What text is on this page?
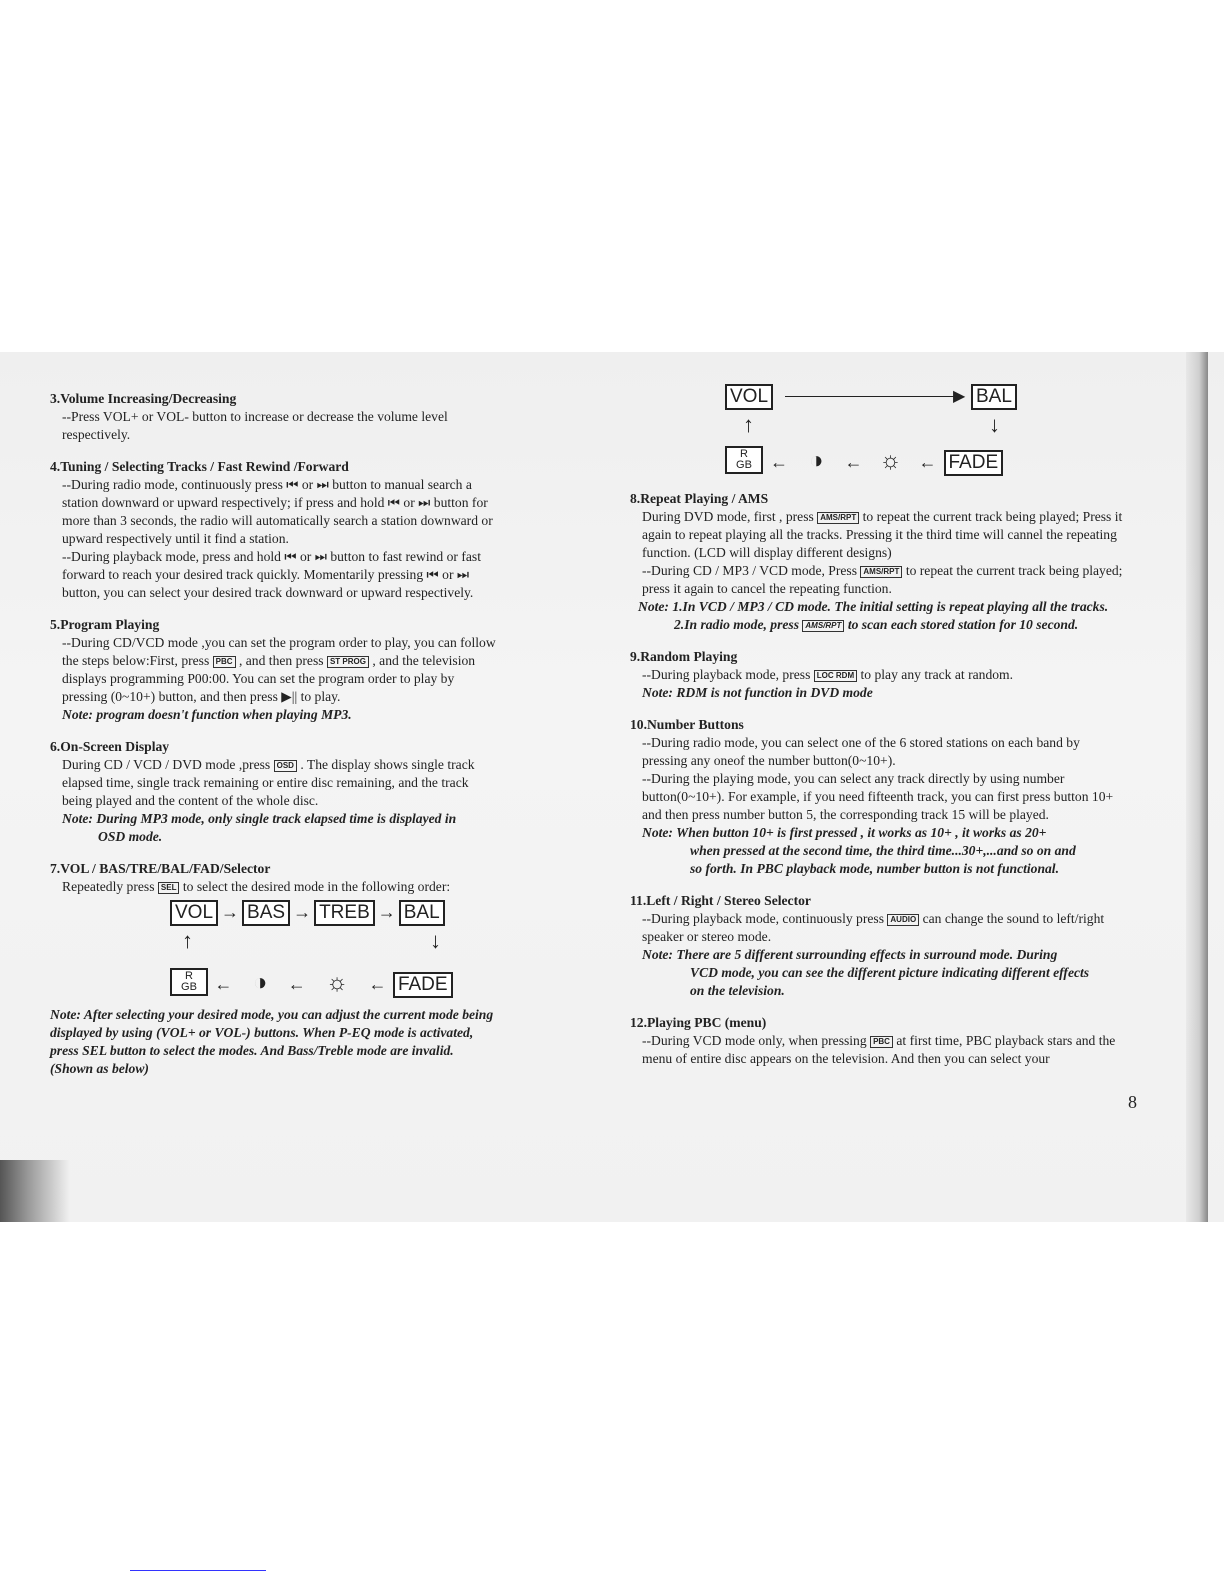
3.Volume Increasing/Decreasing

--Press VOL+ or VOL- button to increase or decrease the volume level respectively.

4.Tuning / Selecting Tracks / Fast Rewind /Forward

--During radio mode, continuously press ⏮ or ⏭ button to manual search a station downward or upward respectively; if press and hold ⏮ or ⏭ button for more than 3 seconds, the radio will automatically search a station downward or upward respectively until it find a station.

--During playback mode, press and hold ⏮ or ⏭ button to fast rewind or fast forward to reach your desired track quickly. Momentarily pressing ⏮ or ⏭ button, you can select your desired track downward or upward respectively.

5.Program Playing

--During CD/VCD mode ,you can set the program order to play, you can follow the steps below:First, press PBC , and then press ST PROG , and the television displays programming P00:00. You can set the program order to play by pressing (0~10+) button, and then press ▶|| to play.

Note: program doesn't function when playing MP3.

6.On-Screen Display

During CD / VCD / DVD mode ,press OSD . The display shows single track elapsed time, single track remaining or entire disc remaining, and the track being played and the content of the whole disc.

Note: During MP3 mode, only single track elapsed time is displayed in

OSD mode.

7.VOL / BAS/TRE/BAL/FAD/Selector

Repeatedly press SEL to select the desired mode in the following order:

VOL → BAS → TREB → BAL
↑	↓
R
GB ← ◑ ← ☼ ← FADE

Note: After selecting your desired mode, you can adjust the current mode being displayed by using (VOL+ or VOL-) buttons. When P-EQ mode is activated, press SEL button to select the modes. And Bass/Treble mode are invalid. (Shown as below)

VOL	▶ BAL
↑	↓
R
GB ← ◑ ← ☼ ← FADE
8.Repeat Playing / AMS

During DVD mode, first , press AMS/RPT to repeat the current track being played; Press it again to repeat playing all the tracks. Pressing it the third time will cannel the repeating function. (LCD will display different designs)

--During CD / MP3 / VCD mode, Press AMS/RPT to repeat the current track being played; press it again to cancel the repeating function.

Note: 1.In VCD / MP3 / CD mode. The initial setting is repeat playing all the tracks.

2.In radio mode, press AMS/RPT to scan each stored station for 10 second.

9.Random Playing

--During playback mode, press LOC RDM to play any track at random.

Note: RDM is not function in DVD mode

10.Number Buttons

--During radio mode, you can select one of the 6 stored stations on each band by pressing any oneof the number button(0~10+).

--During the playing mode, you can select any track directly by using number button(0~10+). For example, if you need fifteenth track, you can first press button 10+ and then press number button 5, the corresponding track 15 will be played.

Note: When button 10+ is first pressed , it works as 10+ , it works as 20+

when pressed at the second time, the third time...30+,...and so on and

so forth. In PBC playback mode, number button is not functional.

11.Left / Right / Stereo Selector

--During playback mode, continuously press AUDIO can change the sound to left/right speaker or stereo mode.

Note: There are 5 different surrounding effects in surround mode. During

VCD mode, you can see the different picture indicating different effects

on the television.

12.Playing PBC (menu)

--During VCD mode only, when pressing PBC at first time, PBC playback stars and the menu of entire disc appears on the television. And then you can select your

8
